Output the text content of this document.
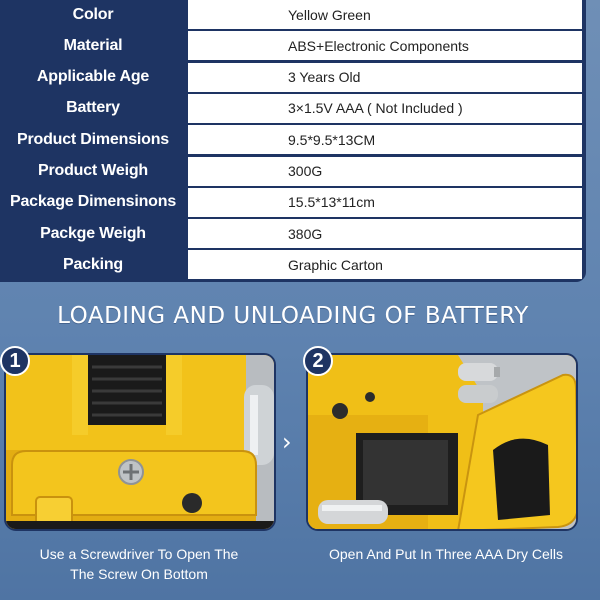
Color	Yellow Green
Material	ABS+Electronic Components
Applicable Age	3 Years Old
Battery	3×1.5V AAA ( Not Included )
Product Dimensions	9.5*9.5*13CM
Product Weigh	300G
Package Dimensinons	15.5*13*11cm
Packge Weigh	380G
Packing	Graphic Carton
LOADING AND UNLOADING OF BATTERY
1
›
2
Use a Screwdriver To Open The
The Screw On Bottom
Open And Put In Three AAA Dry Cells
